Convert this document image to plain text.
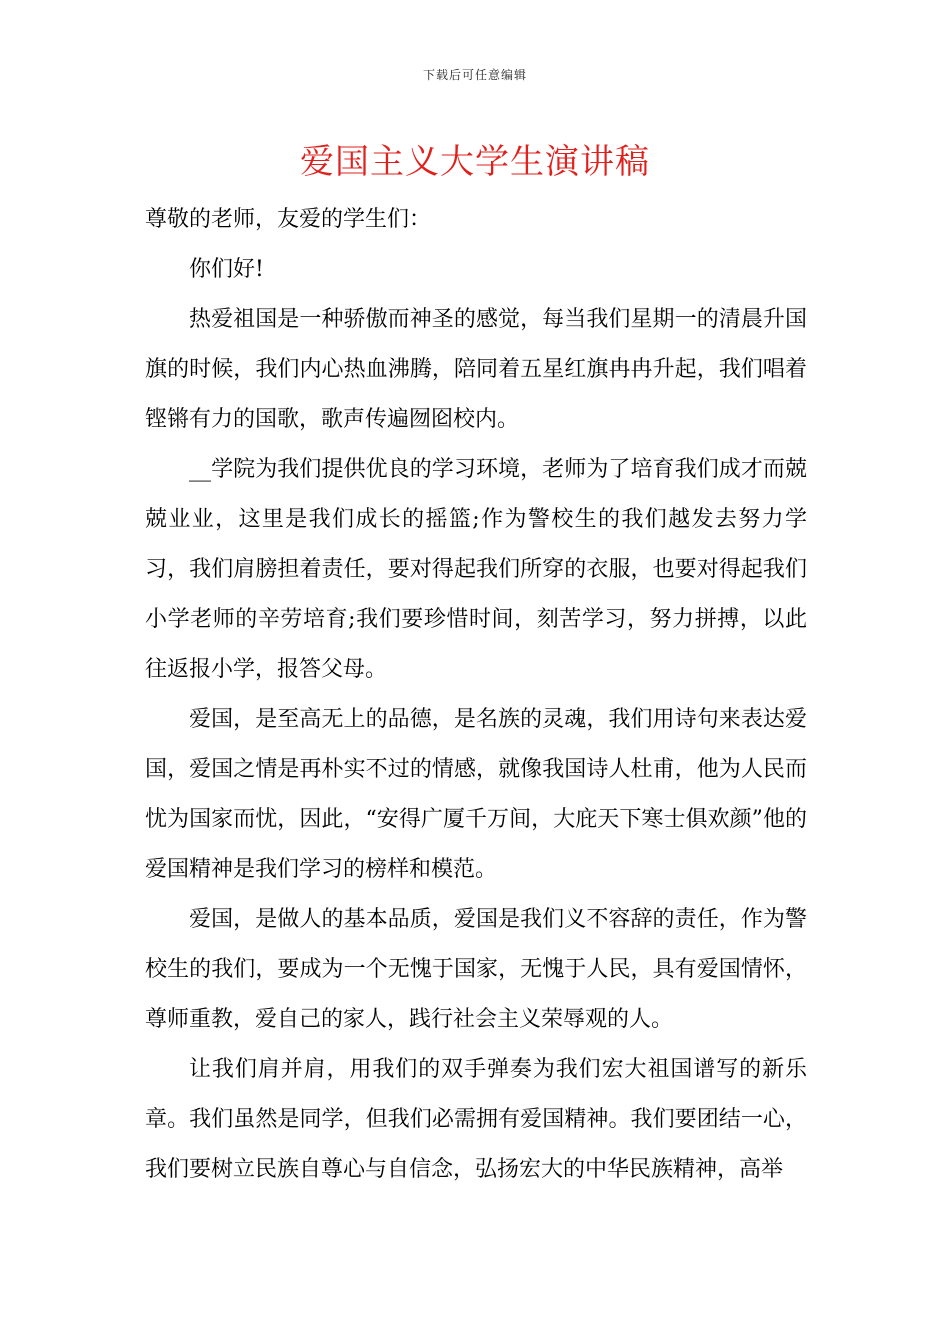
下载后可任意编辑
爱国主义大学生演讲稿

尊敬的老师，友爱的学生们：

你们好!

热爱祖国是一种骄傲而神圣的感觉，每当我们星期一的清晨升国旗的时候，我们内心热血沸腾，陪同着五星红旗冉冉升起，我们唱着铿锵有力的国歌，歌声传遍囫囵校内。

__学院为我们提供优良的学习环境，老师为了培育我们成才而兢兢业业，这里是我们成长的摇篮;作为警校生的我们越发去努力学习，我们肩膀担着责任，要对得起我们所穿的衣服，也要对得起我们小学老师的辛劳培育;我们要珍惜时间，刻苦学习，努力拼搏，以此往返报小学，报答父母。

爱国，是至高无上的品德，是名族的灵魂，我们用诗句来表达爱国，爱国之情是再朴实不过的情感，就像我国诗人杜甫，他为人民而忧为国家而忧，因此，“安得广厦千万间，大庇天下寒士俱欢颜”他的爱国精神是我们学习的榜样和模范。

爱国，是做人的基本品质，爱国是我们义不容辞的责任，作为警校生的我们，要成为一个无愧于国家，无愧于人民，具有爱国情怀，尊师重教，爱自己的家人，践行社会主义荣辱观的人。

让我们肩并肩，用我们的双手弹奏为我们宏大祖国谱写的新乐章。我们虽然是同学，但我们必需拥有爱国精神。我们要团结一心，我们要树立民族自尊心与自信念，弘扬宏大的中华民族精神，高举
